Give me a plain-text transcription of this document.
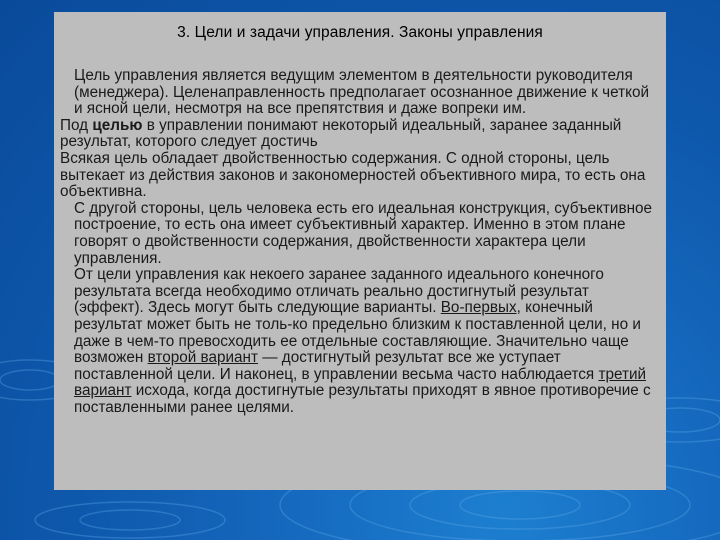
3. Цели и задачи управления. Законы управления

Цель управления является ведущим элементом в деятельности руководителя (менеджера). Целенаправленность предполагает осознанное движение к четкой и ясной цели, несмотря на все препятствия и даже вопреки им.

Под целью в управлении понимают некоторый идеальный, заранее заданный результат, которого следует достичь

Всякая цель обладает двойственностью содержания. С одной стороны, цель вытекает из действия законов и закономерностей объективного мира, то есть она объективна.

С другой стороны, цель человека есть его идеальная конструкция, субъективное построение, то есть она имеет субъективный характер. Именно в этом плане говорят о двойственности содержания, двойственности характера цели управления.

От цели управления как некоего заранее заданного идеального конечного результата всегда необходимо отличать реально достигнутый результат (эффект). Здесь могут быть следующие варианты. Во-первых, конечный результат может быть не толь-ко предельно близким к поставленной цели, но и даже в чем-то превосходить ее отдельные составляющие. Значительно чаще возможен второй вариант — достигнутый результат все же уступает поставленной цели. И наконец, в управлении весьма часто наблюдается третий вариант исхода, когда достигнутые результаты приходят в явное противоречие с поставленными ранее целями.
